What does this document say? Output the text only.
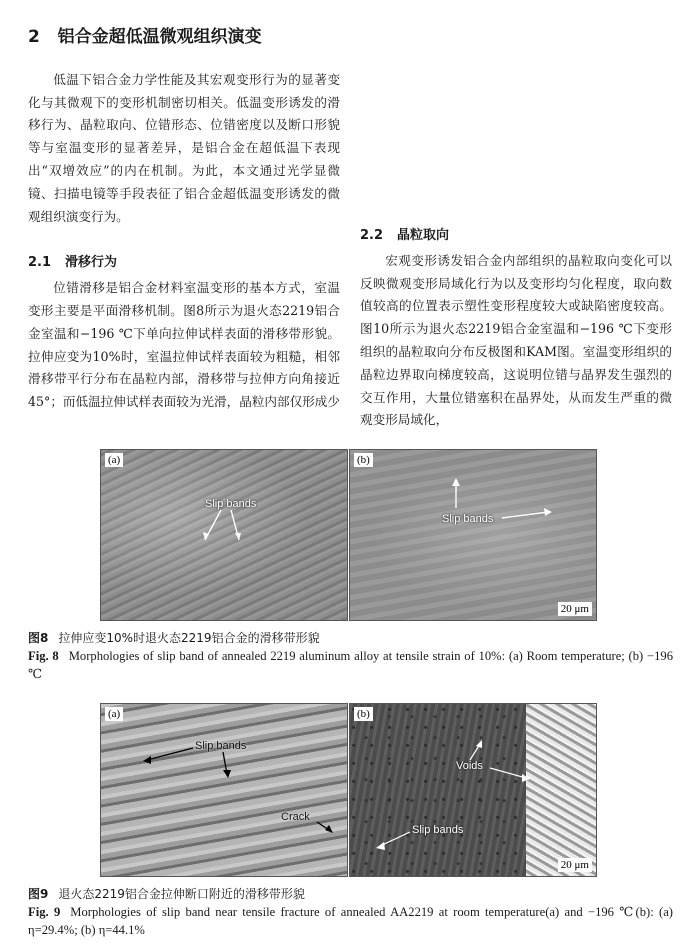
2 铝合金超低温微观组织演变

低温下铝合金力学性能及其宏观变形行为的显著变化与其微观下的变形机制密切相关。低温变形诱发的滑移行为、晶粒取向、位错形态、位错密度以及断口形貌等与室温变形的显著差异，是铝合金在超低温下表现出“双增效应”的内在机制。为此，本文通过光学显微镜、扫描电镜等手段表征了铝合金超低温变形诱发的微观组织演变行为。

2.1 滑移行为

位错滑移是铝合金材料室温变形的基本方式，室温变形主要是平面滑移机制。图8所示为退火态2219铝合金室温和−196 ℃下单向拉伸试样表面的滑移带形貌。拉伸应变为10%时，室温拉伸试样表面较为粗糙，相邻滑移带平行分布在晶粒内部，滑移带与拉伸方向角接近45°；而低温拉伸试样表面较为光滑，晶粒内部仅形成少

2.2 晶粒取向

宏观变形诱发铝合金内部组织的晶粒取向变化可以反映微观变形局域化行为以及变形均匀化程度，取向数值较高的位置表示塑性变形程度较大或缺陷密度较高。图10所示为退火态2219铝合金室温和−196 ℃下变形组织的晶粒取向分布反极图和KAM图。室温变形组织的晶粒边界取向梯度较高，这说明位错与晶界发生强烈的交互作用，大量位错塞积在晶界处，从而发生严重的微观变形局域化，

(a)
Slip bands
(b)
Slip bands
20 μm
图8 拉伸应变10%时退火态2219铝合金的滑移带形貌
Fig. 8 Morphologies of slip band of annealed 2219 aluminum alloy at tensile strain of 10%: (a) Room temperature; (b) −196 ℃
(a)
Slip bands
Crack
(b)
Voids
Slip bands
20 μm
图9 退火态2219铝合金拉伸断口附近的滑移带形貌
Fig. 9 Morphologies of slip band near tensile fracture of annealed AA2219 at room temperature(a) and −196 ℃(b): (a) η=29.4%; (b) η=44.1%
